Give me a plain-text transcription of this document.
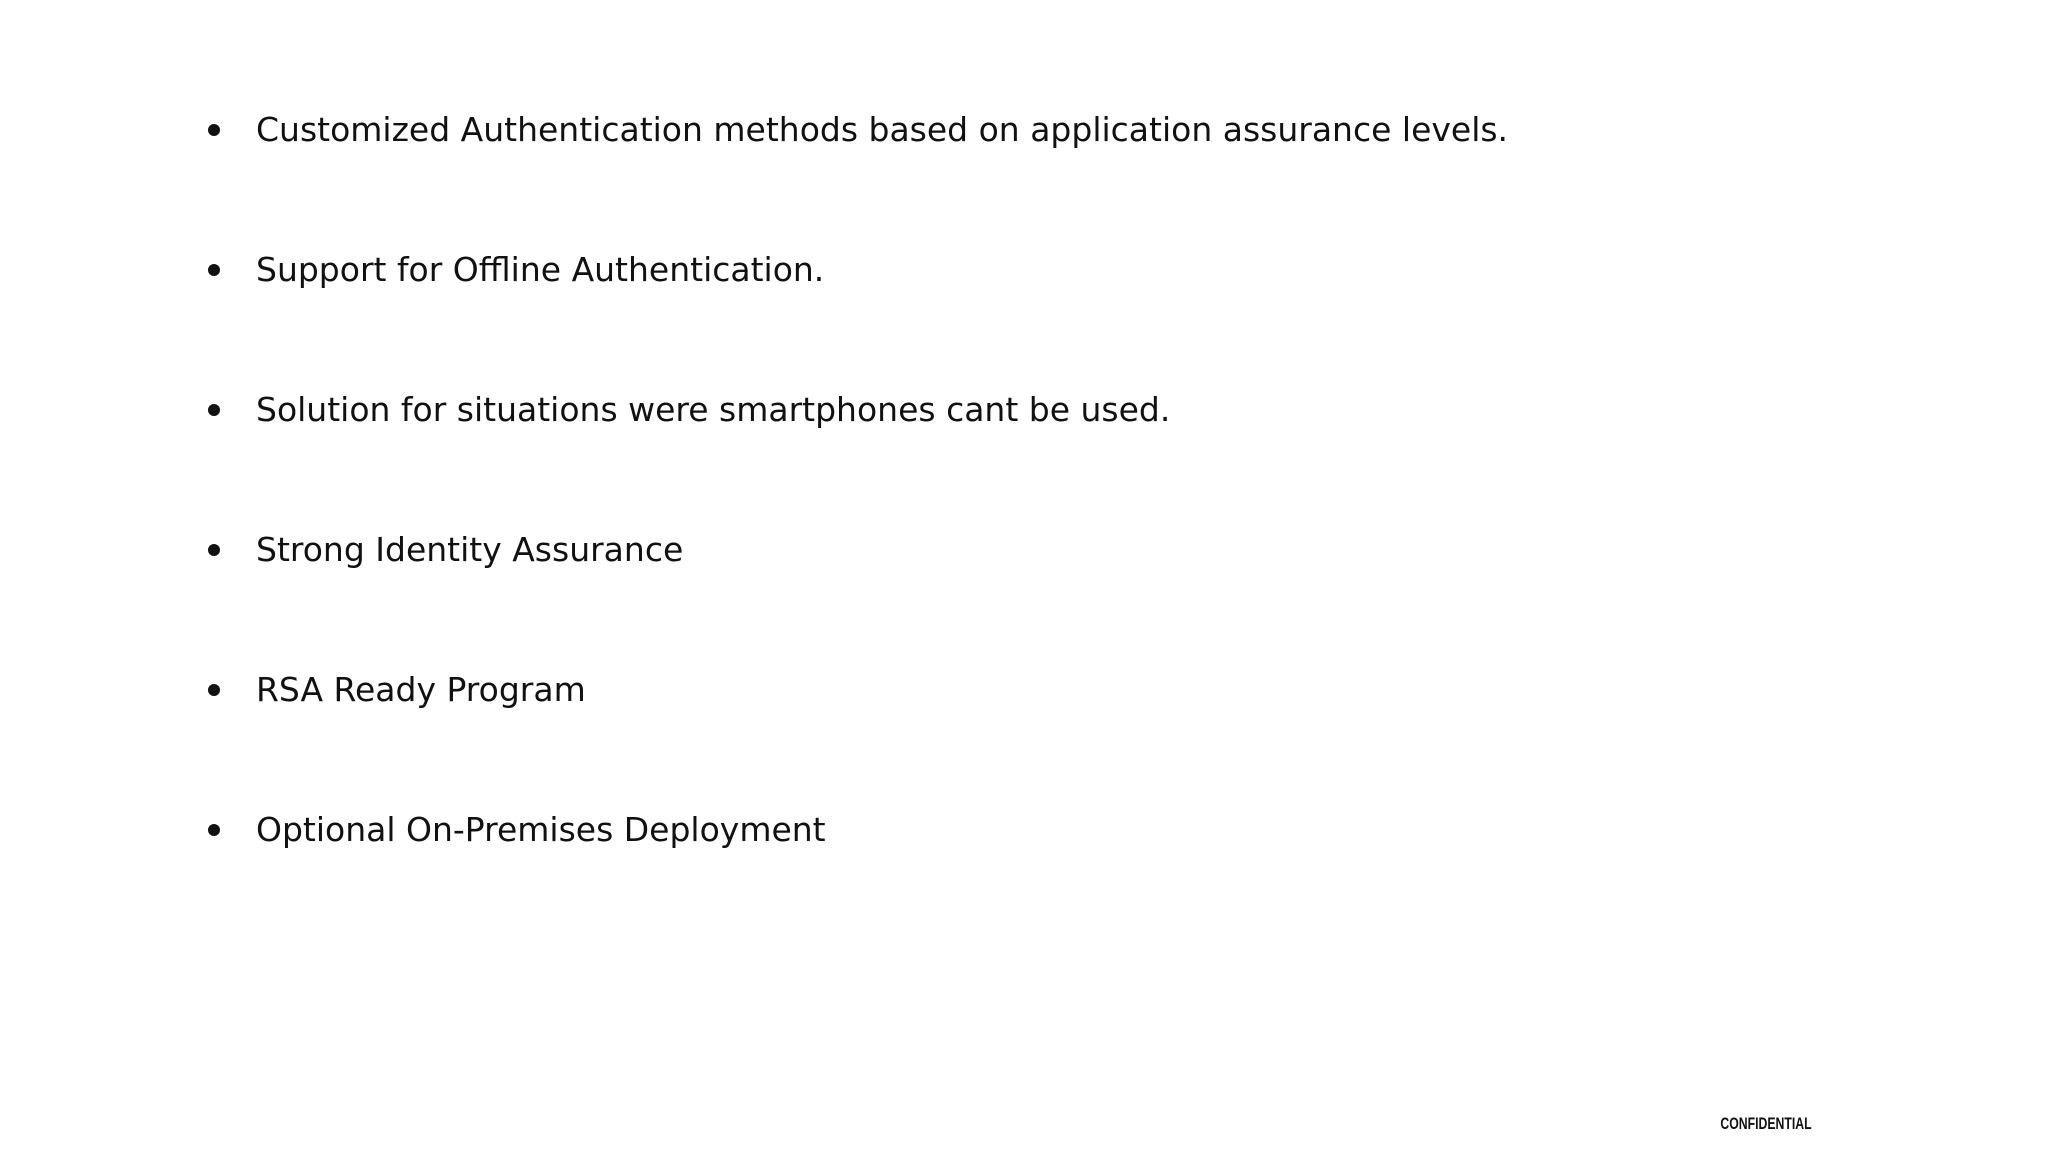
Customized Authentication methods based on application assurance levels.
Support for Offline Authentication.
Solution for situations were smartphones cant be used.
Strong Identity Assurance
RSA Ready Program
Optional On-Premises Deployment
CONFIDENTIAL
